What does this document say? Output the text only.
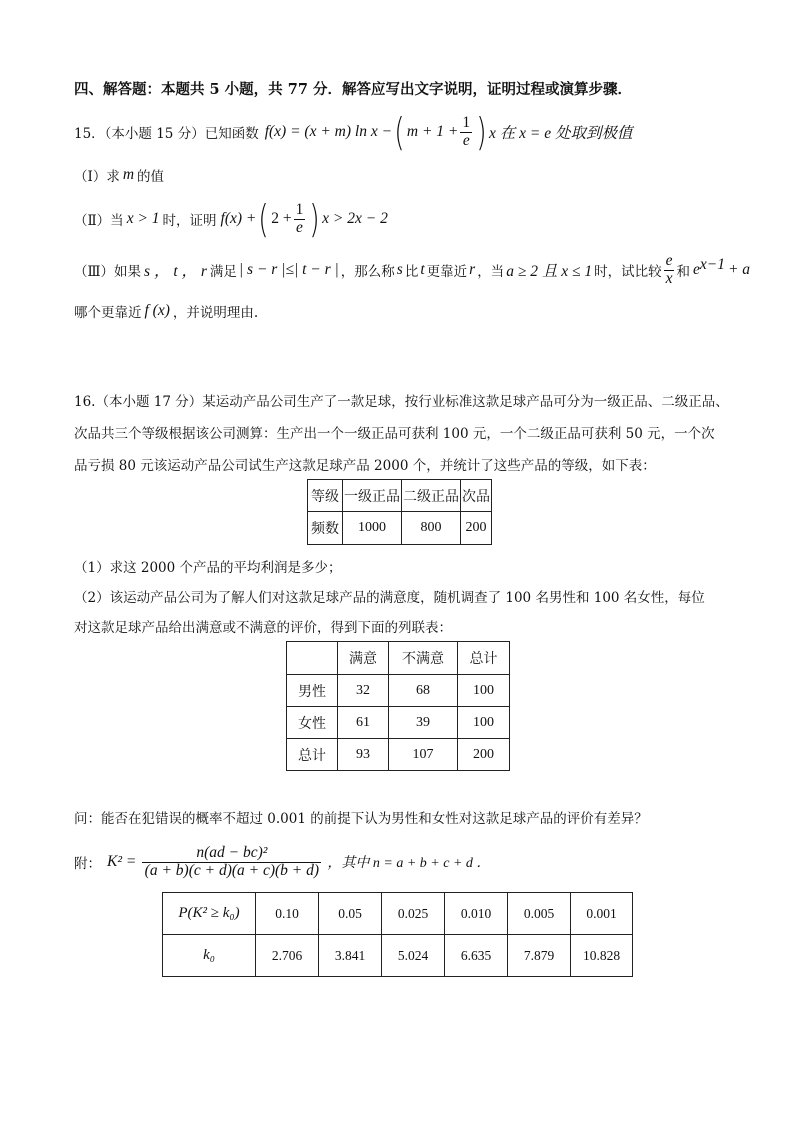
四、解答题：本题共 5 小题，共 77 分．解答应写出文字说明，证明过程或演算步骤．
15．（本小题 15 分）已知函数 f(x) = (x + m) ln x − ( $m + 1 + \frac{1}{e}$ ) x 在 x = e 处取到极值
（Ⅰ）求 m 的值
（Ⅱ）当 x > 1 时，证明 f(x) + ( $2 + \frac{1}{e}$ ) x > 2x − 2
（Ⅲ）如果 s ， t ， r 满足 | s − r |≤| t − r | ，那么称 s 比 t 更靠近 r ，当 a ≥ 2 且 x ≤ 1 时，试比较 $\frac{e}{x}$ 和 e x−1 + a
哪个更靠近 f (x) ，并说明理由.
16.（本小题 17 分）某运动产品公司生产了一款足球，按行业标准这款足球产品可分为一级正品、二级正品、
次品共三个等级根据该公司测算：生产出一个一级正品可获利 100 元，一个二级正品可获利 50 元，一个次
品亏损 80 元该运动产品公司试生产这款足球产品 2000 个，并统计了这些产品的等级，如下表：
等级	一级正品	二级正品	次品
频数	1000	800	200
（1）求这 2000 个产品的平均利润是多少；
（2）该运动产品公司为了解人们对这款足球产品的满意度，随机调查了 100 名男性和 100 名女性，每位
对这款足球产品给出满意或不满意的评价，得到下面的列联表：
	满意	不满意	总计
男性	32	68	100
女性	61	39	100
总计	93	107	200
问：能否在犯错误的概率不超过 0.001 的前提下认为男性和女性对这款足球产品的评价有差异？
附： $K^2 = \frac{\text{n(ad − bc)²}}{(a + b)(c + d)(a + c)(b + d)}$ ，其中 n = a + b + c + d ．
P(K² ≥ k₀)	0.10	0.05	0.025	0.010	0.005	0.001
k₀	2.706	3.841	5.024	6.635	7.879	10.828
